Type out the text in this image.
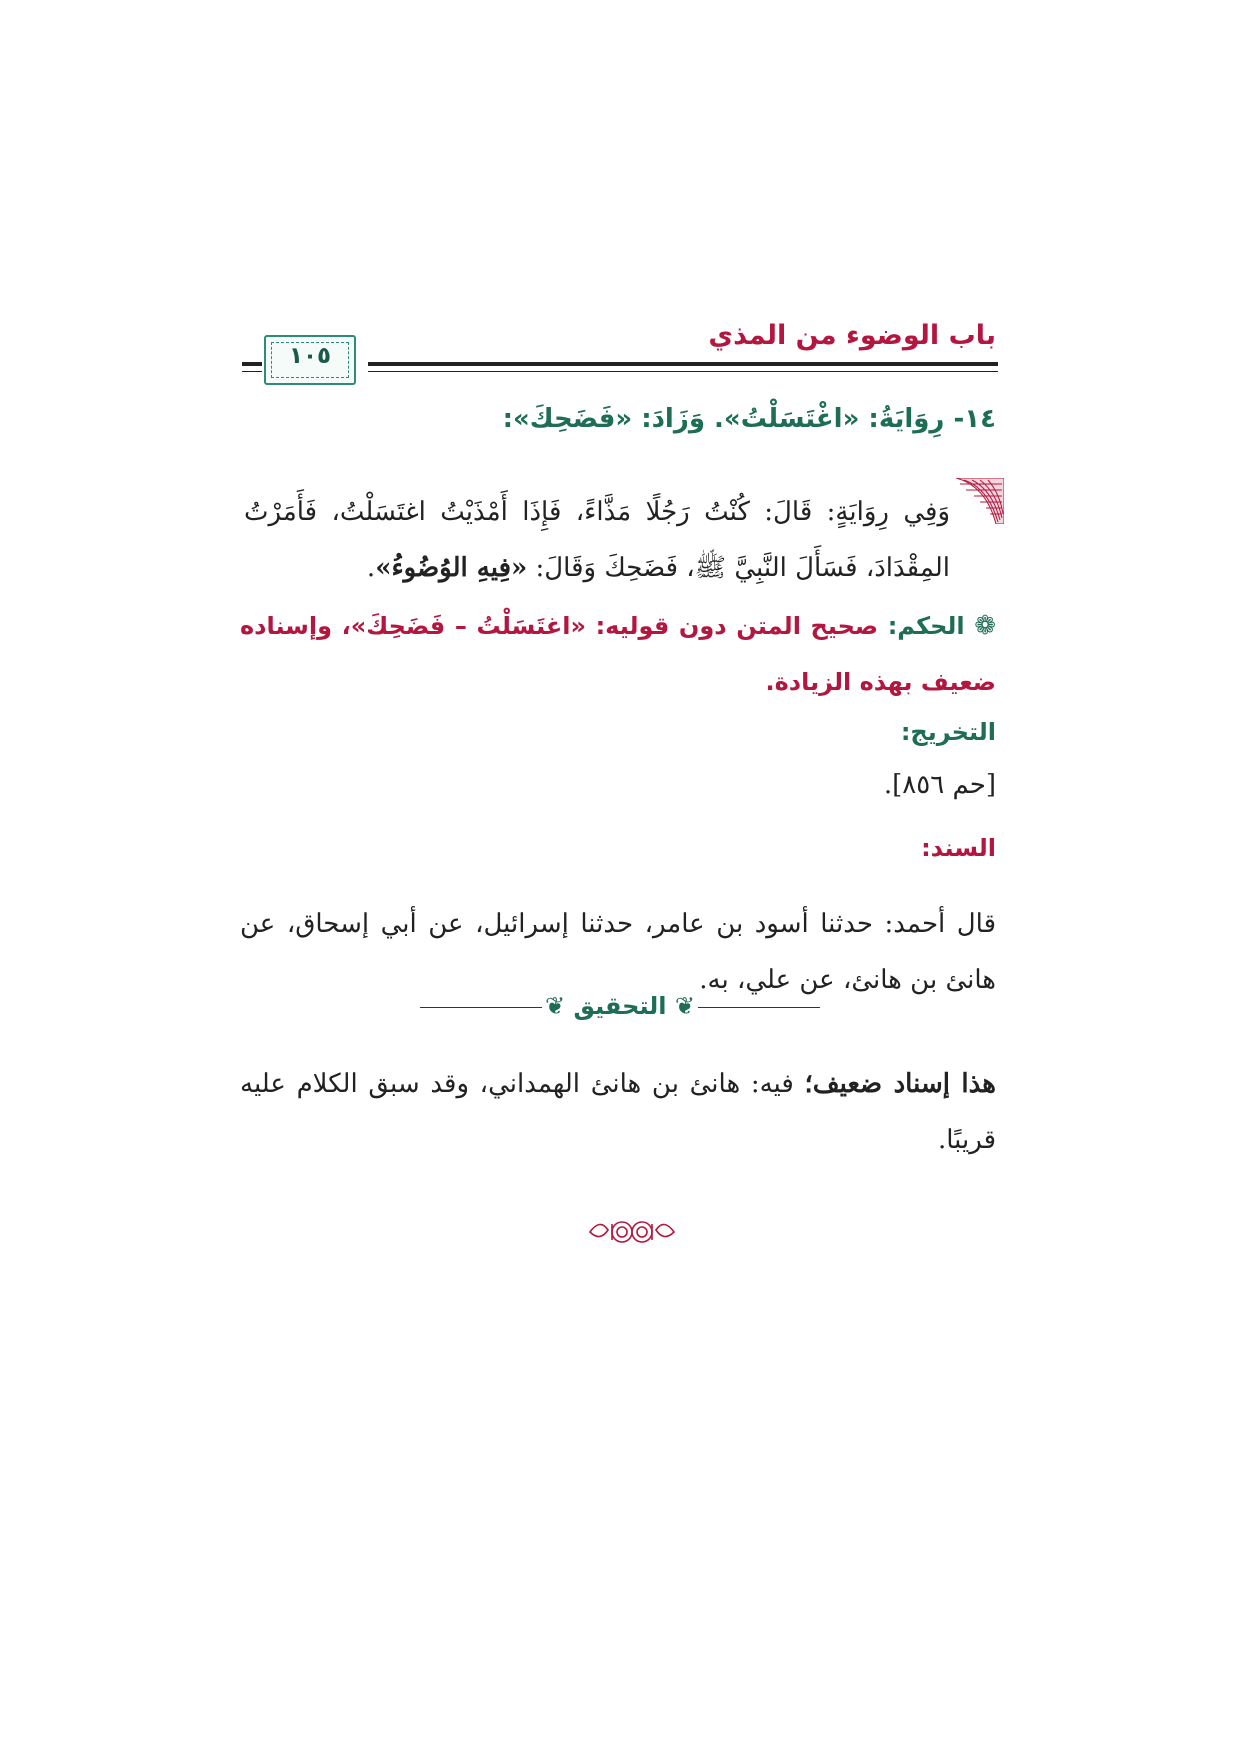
باب الوضوء من المذي
١٠٥
١٤- رِوَايَةُ: «اغْتَسَلْتُ». وَزَادَ: «فَضَحِكَ»:
وَفِي رِوَايَةٍ: قَالَ: كُنْتُ رَجُلًا مَذَّاءً، فَإِذَا أَمْذَيْتُ اغتَسَلْتُ، فَأَمَرْتُ المِقْدَادَ، فَسَأَلَ النَّبِيَّ ﷺ، فَضَحِكَ وَقَالَ: «فِيهِ الوُضُوءُ».
❁ الحكم: صحيح المتن دون قوليه: «اغتَسَلْتُ – فَضَحِكَ»، وإسناده ضعيف بهذه الزيادة.
التخريج:
[حم ٨٥٦].
السند:
قال أحمد: حدثنا أسود بن عامر، حدثنا إسرائيل، عن أبي إسحاق، عن هانئ بن هانئ، عن علي، به.
❦ التحقيق ❦
هذا إسناد ضعيف؛ فيه: هانئ بن هانئ الهمداني، وقد سبق الكلام عليه قريبًا.
